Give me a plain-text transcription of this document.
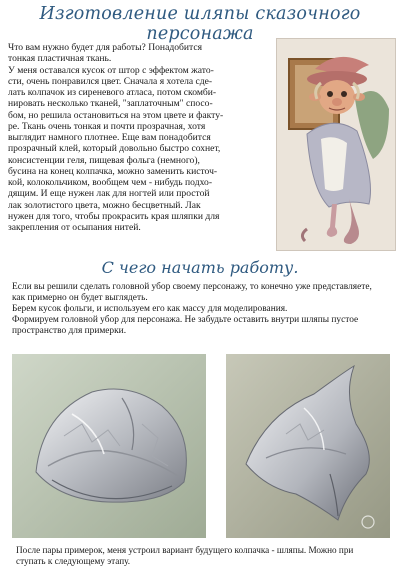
Изготовление шляпы сказочного персонажа
Что вам нужно будет для работы? Понадобится
тонкая пластичная ткань.
У меня оставался кусок от штор с эффектом жато-
сти, очень понравился цвет. Сначала я хотела сде-
лать колпачок из сиреневого атласа, потом скомби-
нировать несколько тканей, "заплаточным" спосо-
бом, но решила остановиться на этом цвете и факту-
ре. Ткань очень тонкая и почти прозрачная, хотя
выглядит намного плотнее. Еще вам понадобится
прозрачный клей, который довольно быстро сохнет,
консистенции геля, пищевая фольга (немного),
бусина на конец колпачка, можно заменить кисточ-
кой, колокольчиком, вообщем чем - нибудь подхо-
дящим. И еще нужен лак для ногтей или простой
лак золотистого цвета, можно бесцветный. Лак
нужен для того, чтобы прокрасить края шляпки для
закрепления от осыпания нитей.
С чего начать работу.

Если вы решили сделать головной убор своему персонажу, то конечно уже представляете,

как примерно он будет выглядеть.

Берем кусок фольги, и используем его как массу для моделирования.

Формируем головной убор для персонажа. Не забудьте оставить внутри шляпы пустое

пространство для примерки.

После пары примерок, меня устроил вариант будущего колпачка - шляпы. Можно при
ступать к следующему этапу.
